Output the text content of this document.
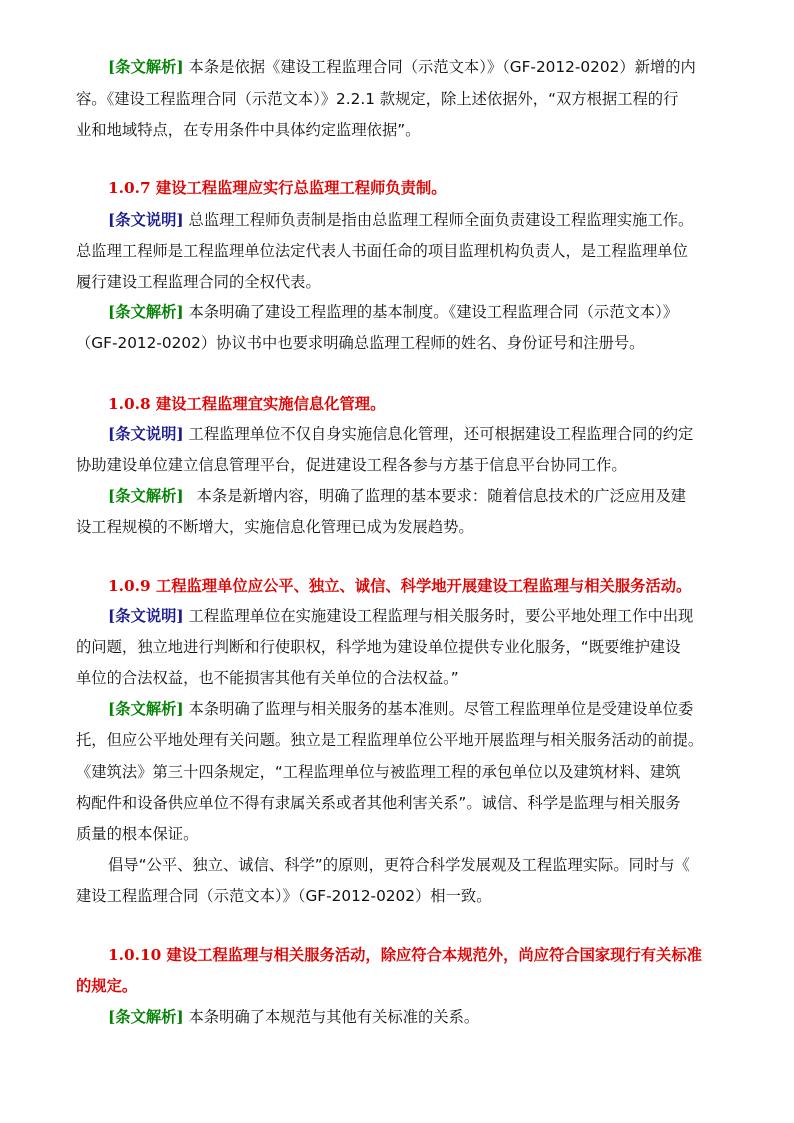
[条文解析] 本条是依据《建设工程监理合同（示范文本）》（GF-2012-0202）新增的内
容。《建设工程监理合同（示范文本）》2.2.1 款规定，除上述依据外，“双方根据工程的行
业和地域特点，在专用条件中具体约定监理依据”。
1.0.7 建设工程监理应实行总监理工程师负责制。
[条文说明] 总监理工程师负责制是指由总监理工程师全面负责建设工程监理实施工作。
总监理工程师是工程监理单位法定代表人书面任命的项目监理机构负责人，是工程监理单位
履行建设工程监理合同的全权代表。
[条文解析] 本条明确了建设工程监理的基本制度。《建设工程监理合同（示范文本）》
（GF-2012-0202）协议书中也要求明确总监理工程师的姓名、身份证号和注册号。
1.0.8 建设工程监理宜实施信息化管理。
[条文说明] 工程监理单位不仅自身实施信息化管理，还可根据建设工程监理合同的约定
协助建设单位建立信息管理平台，促进建设工程各参与方基于信息平台协同工作。
[条文解析] 本条是新增内容，明确了监理的基本要求：随着信息技术的广泛应用及建
设工程规模的不断增大，实施信息化管理已成为发展趋势。
1.0.9 工程监理单位应公平、独立、诚信、科学地开展建设工程监理与相关服务活动。
[条文说明] 工程监理单位在实施建设工程监理与相关服务时，要公平地处理工作中出现
的问题，独立地进行判断和行使职权，科学地为建设单位提供专业化服务，“既要维护建设
单位的合法权益，也不能损害其他有关单位的合法权益。”
[条文解析] 本条明确了监理与相关服务的基本准则。尽管工程监理单位是受建设单位委
托，但应公平地处理有关问题。独立是工程监理单位公平地开展监理与相关服务活动的前提。
《建筑法》第三十四条规定，“工程监理单位与被监理工程的承包单位以及建筑材料、建筑
构配件和设备供应单位不得有隶属关系或者其他利害关系”。诚信、科学是监理与相关服务
质量的根本保证。
倡导“公平、独立、诚信、科学”的原则，更符合科学发展观及工程监理实际。同时与《
建设工程监理合同（示范文本）》（GF-2012-0202）相一致。
1.0.10 建设工程监理与相关服务活动，除应符合本规范外，尚应符合国家现行有关标准
的规定。
[条文解析] 本条明确了本规范与其他有关标准的关系。
